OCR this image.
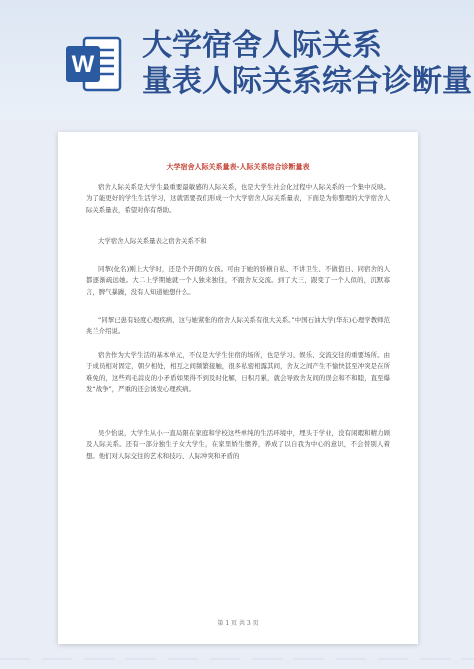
W
大学宿舍人际关系
量表人际关系综合诊断量
大学宿舍人际关系量表-人际关系综合诊断量表

宿舍人际关系是大学生最重要最敏感的人际关系，也是大学生社会化过程中人际关系的一个集中反映。为了能更好的学生生活学习，这就需要我们形成一个大学宿舍人际关系量表，下面是为你整理的大学宿舍人际关系量表，希望对你有帮助。

大学宿舍人际关系量表之宿舍关系不和

同挈(化名)刚上大学时，还是个开朗的女孩。可由于她的骄横自私、不讲卫生、不做值日、同宿舍的人都逐渐疏远她。大二上学期她就一个人独来独往，不跟舍友交流。到了大三，跟变了一个人似的，沉默寡言，脾气暴躁，没有人知道她想什么。

“同挈已患有轻度心理疾病，这与她紧张的宿舍人际关系有很大关系。”中国石油大学(华东)心理学教师范兆兰介绍说。

宿舍作为大学生活的基本单元，不仅是大学生住宿的场所，也是学习、娱乐、交流交往的重要场所。由于成员相对固定，朝夕相处，相互之间频繁接触，很多私密相露其间，舍友之间产生不愉快甚至冲突是在所难免的，这些鸡毛蒜皮的小矛盾如果得不到及时化解，日积月累，就会导致舍友间的误会和不和睦，直至爆发“战争”，严重的还会诱发心理疾病。

吴少怡说，大学生从小一直局限在家庭和学校这些单纯的生活环境中，埋头于学业，没有闲暇和精力顾及人际关系。还有一部分独生子女大学生，在家里娇生惯养，养成了以自我为中心的意识，不会替别人着想。他们对人际交往的艺术和技巧、人际冲突和矛盾的

第 1 页 共 3 页
